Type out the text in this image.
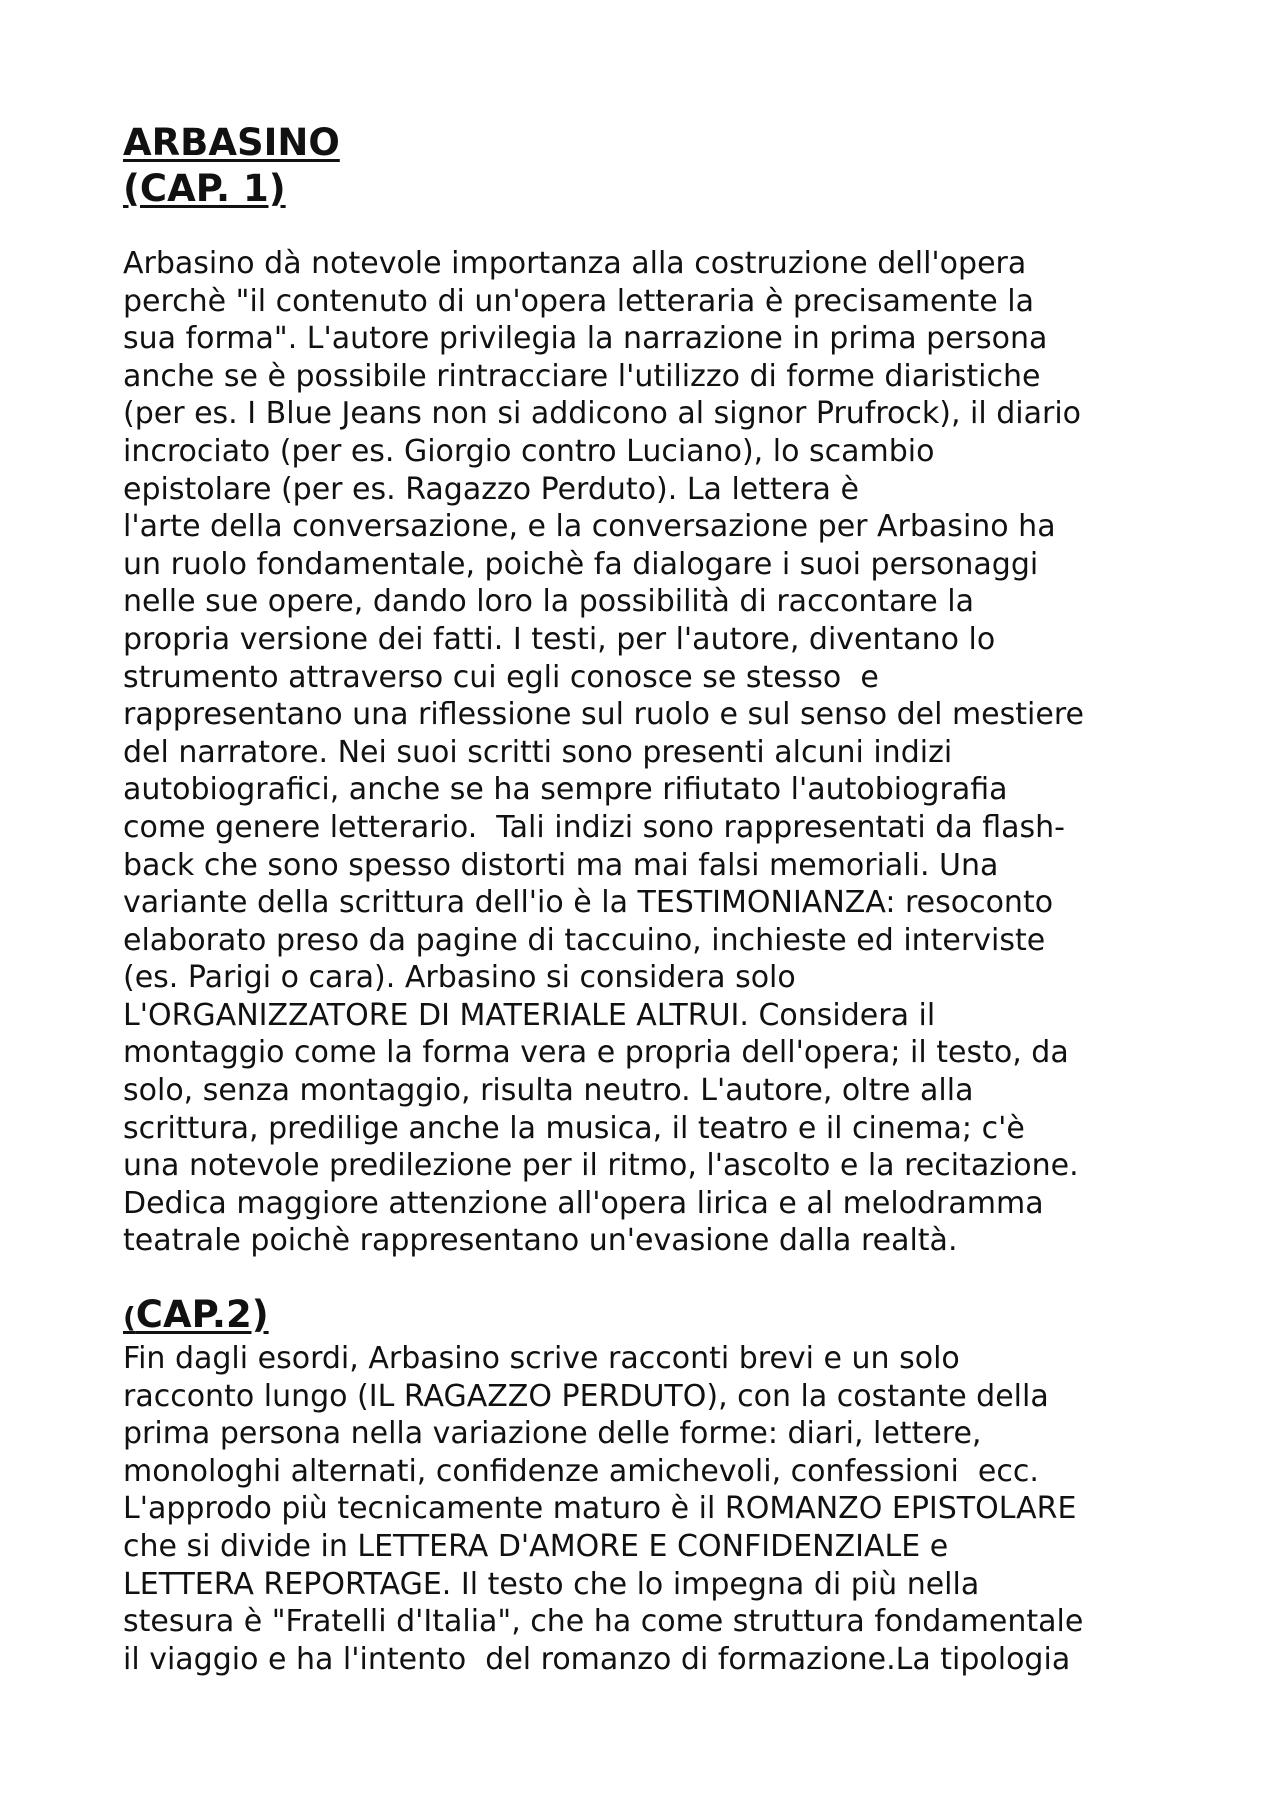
ARBASINO
(CAP. 1)

Arbasino dà notevole importanza alla costruzione dell'opera
perchè "il contenuto di un'opera letteraria è precisamente la
sua forma". L'autore privilegia la narrazione in prima persona
anche se è possibile rintracciare l'utilizzo di forme diaristiche
(per es. I Blue Jeans non si addicono al signor Prufrock), il diario
incrociato (per es. Giorgio contro Luciano), lo scambio
epistolare (per es. Ragazzo Perduto). La lettera è
l'arte della conversazione, e la conversazione per Arbasino ha
un ruolo fondamentale, poichè fa dialogare i suoi personaggi
nelle sue opere, dando loro la possibilità di raccontare la
propria versione dei fatti. I testi, per l'autore, diventano lo
strumento attraverso cui egli conosce se stesso  e
rappresentano una riflessione sul ruolo e sul senso del mestiere
del narratore. Nei suoi scritti sono presenti alcuni indizi
autobiografici, anche se ha sempre rifiutato l'autobiografia
come genere letterario.  Tali indizi sono rappresentati da flash-
back che sono spesso distorti ma mai falsi memoriali. Una
variante della scrittura dell'io è la TESTIMONIANZA: resoconto
elaborato preso da pagine di taccuino, inchieste ed interviste
(es. Parigi o cara). Arbasino si considera solo
L'ORGANIZZATORE DI MATERIALE ALTRUI. Considera il
montaggio come la forma vera e propria dell'opera; il testo, da
solo, senza montaggio, risulta neutro. L'autore, oltre alla
scrittura, predilige anche la musica, il teatro e il cinema; c'è
una notevole predilezione per il ritmo, l'ascolto e la recitazione.
Dedica maggiore attenzione all'opera lirica e al melodramma
teatrale poichè rappresentano un'evasione dalla realtà.

(CAP.2)

Fin dagli esordi, Arbasino scrive racconti brevi e un solo
racconto lungo (IL RAGAZZO PERDUTO), con la costante della
prima persona nella variazione delle forme: diari, lettere,
monologhi alternati, confidenze amichevoli, confessioni  ecc.
L'approdo più tecnicamente maturo è il ROMANZO EPISTOLARE
che si divide in LETTERA D'AMORE E CONFIDENZIALE e
LETTERA REPORTAGE. Il testo che lo impegna di più nella
stesura è "Fratelli d'Italia", che ha come struttura fondamentale
il viaggio e ha l'intento  del romanzo di formazione.La tipologia
